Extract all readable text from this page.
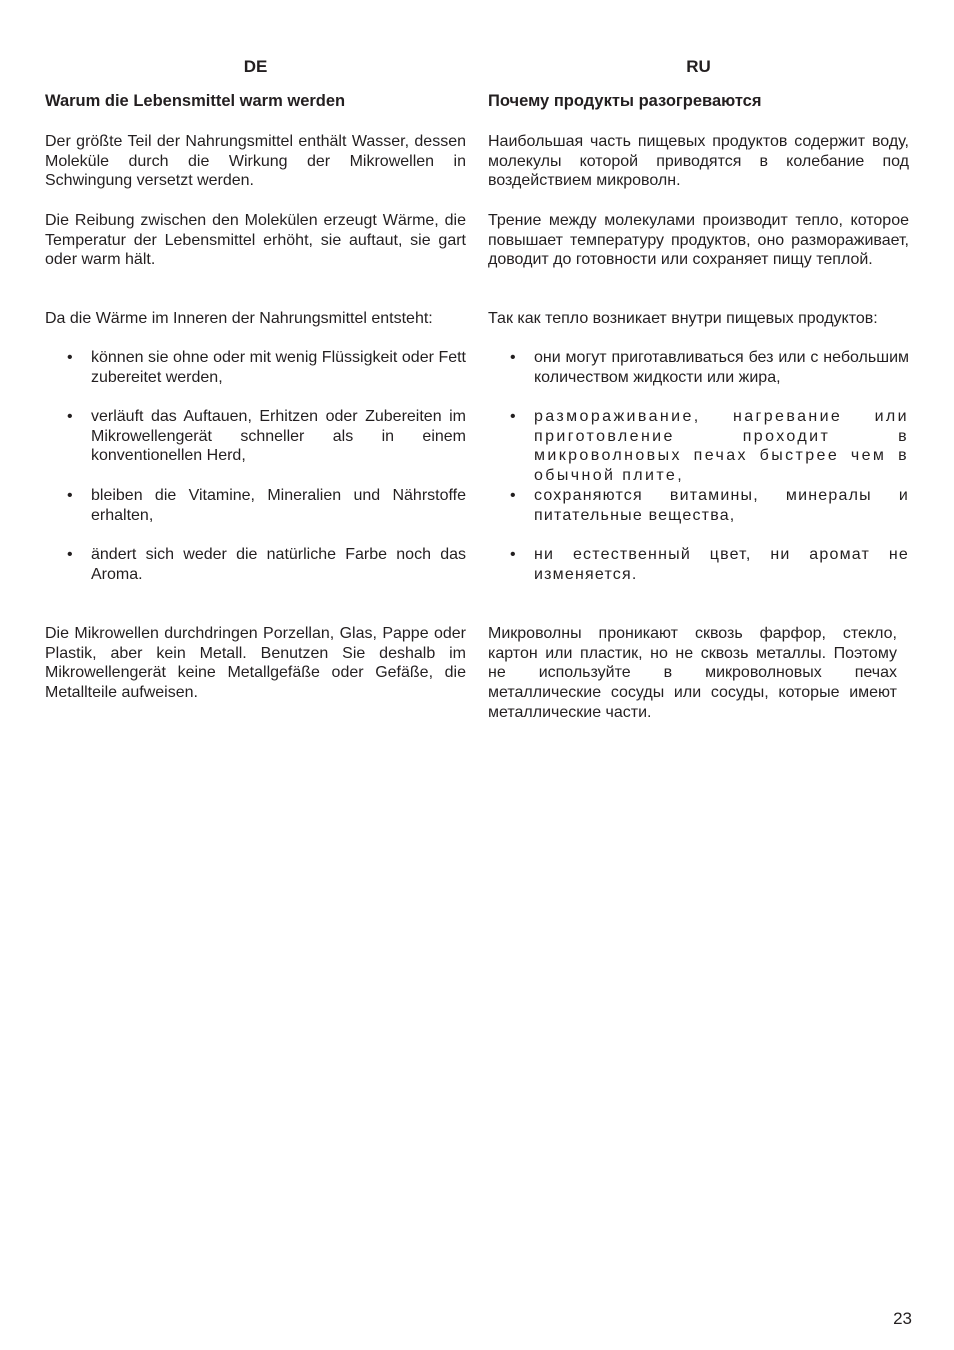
DE
Warum die Lebensmittel warm werden
Der größte Teil der Nahrungsmittel enthält Wasser, dessen Moleküle durch die Wirkung der Mikrowellen in Schwingung versetzt werden.
Die Reibung zwischen den Molekülen erzeugt Wärme, die Temperatur der Lebensmittel erhöht, sie auftaut, sie gart oder warm hält.
Da die Wärme im Inneren der Nahrungsmittel entsteht:
• können sie ohne oder mit wenig Flüssigkeit oder Fett zubereitet werden,
• verläuft das Auftauen, Erhitzen oder Zubereiten im Mikrowellengerät schneller als in einem konventionellen Herd,
• bleiben die Vitamine, Mineralien und Nährstoffe erhalten,
• ändert sich weder die natürliche Farbe noch das Aroma.
Die Mikrowellen durchdringen Porzellan, Glas, Pappe oder Plastik, aber kein Metall. Benutzen Sie deshalb im Mikrowellengerät keine Metallgefäße oder Gefäße, die Metallteile aufweisen.
RU
Почему продукты разогреваются
Наибольшая часть пищевых продуктов содержит воду, молекулы которой приводятся в колебание под воздействием микроволн.
Трение между молекулами производит тепло, которое повышает температуру продуктов, оно размораживает, доводит до готовности или сохраняет пищу теплой.
Так как тепло возникает внутри пищевых продуктов:
• они могут приготавливаться без или с небольшим количеством жидкости или жира,
• размораживание, нагревание или приготовление проходит в микроволновых печах быстрее чем в обычной плите,
• сохраняются витамины, минералы и питательные вещества,
• ни естественный цвет, ни аромат не изменяется.
Микроволны проникают сквозь фарфор, стекло, картон или пластик, но не сквозь металлы. Поэтому не используйте в микроволновых печах металлические сосуды или сосуды, которые имеют металлические части.
23
